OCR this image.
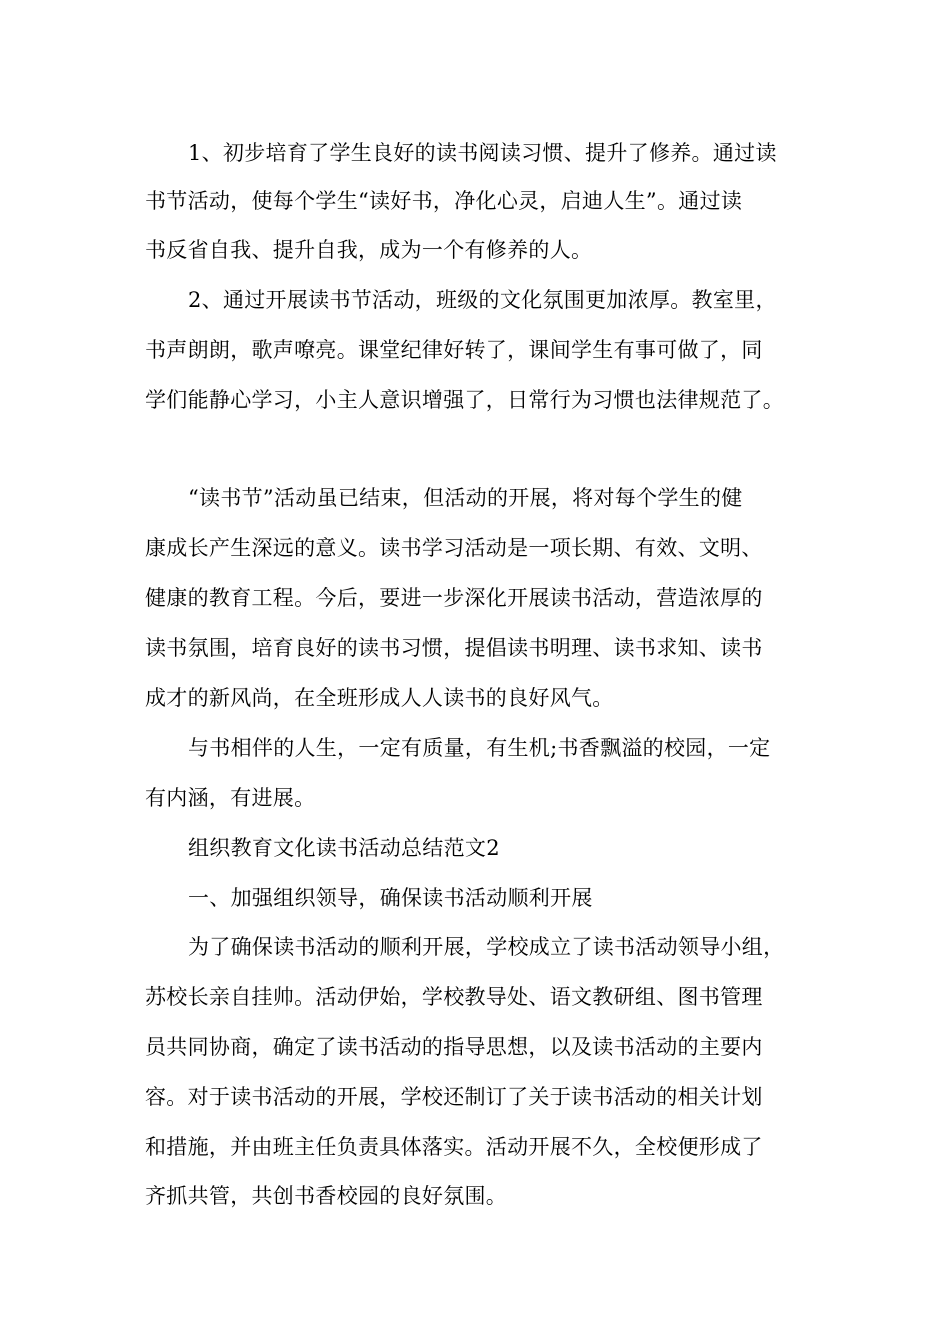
1、初步培育了学生良好的读书阅读习惯、提升了修养。通过读
书节活动，使每个学生“读好书，净化心灵，启迪人生”。通过读
书反省自我、提升自我，成为一个有修养的人。
2、通过开展读书节活动，班级的文化氛围更加浓厚。教室里，
书声朗朗，歌声嘹亮。课堂纪律好转了，课间学生有事可做了，同
学们能静心学习，小主人意识增强了，日常行为习惯也法律规范了。
“读书节”活动虽已结束，但活动的开展，将对每个学生的健
康成长产生深远的意义。读书学习活动是一项长期、有效、文明、
健康的教育工程。今后，要进一步深化开展读书活动，营造浓厚的
读书氛围，培育良好的读书习惯，提倡读书明理、读书求知、读书
成才的新风尚，在全班形成人人读书的良好风气。
与书相伴的人生，一定有质量，有生机;书香飘溢的校园，一定
有内涵，有进展。
组织教育文化读书活动总结范文2
一、加强组织领导，确保读书活动顺利开展
为了确保读书活动的顺利开展，学校成立了读书活动领导小组，
苏校长亲自挂帅。活动伊始，学校教导处、语文教研组、图书管理
员共同协商，确定了读书活动的指导思想，以及读书活动的主要内
容。对于读书活动的开展，学校还制订了关于读书活动的相关计划
和措施，并由班主任负责具体落实。活动开展不久，全校便形成了
齐抓共管，共创书香校园的良好氛围。
